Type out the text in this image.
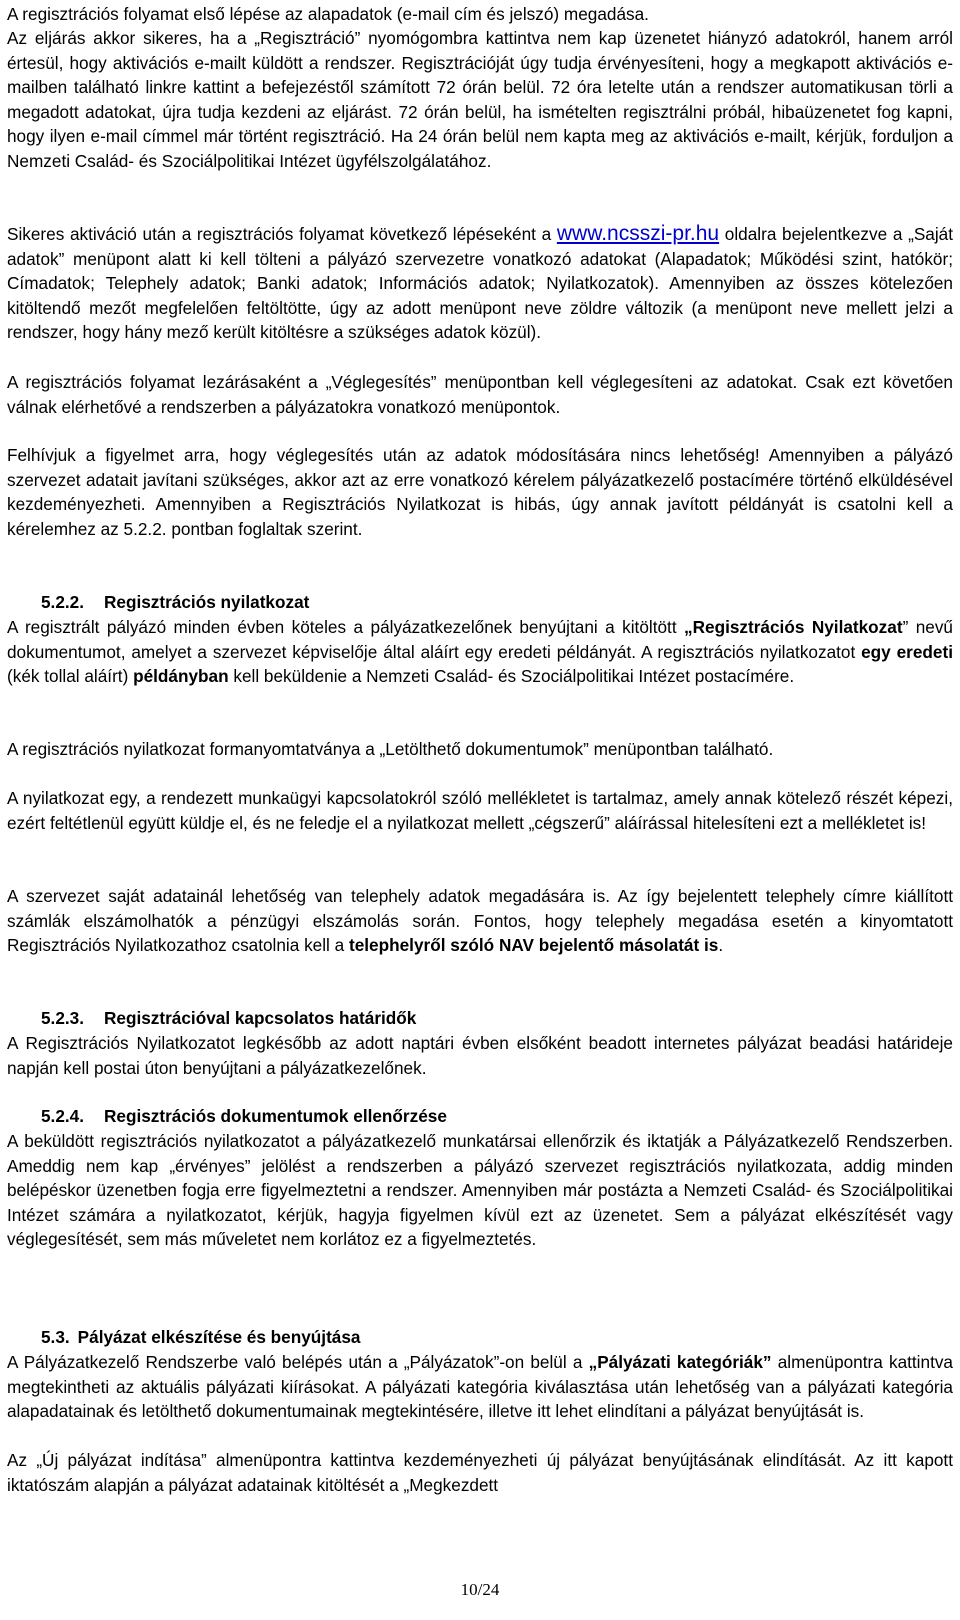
A regisztrációs folyamat első lépése az alapadatok (e-mail cím és jelszó) megadása.

Az eljárás akkor sikeres, ha a „Regisztráció” nyomógombra kattintva nem kap üzenetet hiányzó adatokról, hanem arról értesül, hogy aktivációs e-mailt küldött a rendszer. Regisztrációját úgy tudja érvényesíteni, hogy a megkapott aktivációs e-mailben található linkre kattint a befejezéstől számított 72 órán belül. 72 óra letelte után a rendszer automatikusan törli a megadott adatokat, újra tudja kezdeni az eljárást. 72 órán belül, ha ismételten regisztrálni próbál, hibaüzenetet fog kapni, hogy ilyen e-mail címmel már történt regisztráció. Ha 24 órán belül nem kapta meg az aktivációs e-mailt, kérjük, forduljon a Nemzeti Család- és Szociálpolitikai Intézet ügyfélszolgálatához.

Sikeres aktiváció után a regisztrációs folyamat következő lépéseként a www.ncsszi-pr.hu oldalra bejelentkezve a „Saját adatok” menüpont alatt ki kell tölteni a pályázó szervezetre vonatkozó adatokat (Alapadatok; Működési szint, hatókör; Címadatok; Telephely adatok; Banki adatok; Információs adatok; Nyilatkozatok). Amennyiben az összes kötelezően kitöltendő mezőt megfelelően feltöltötte, úgy az adott menüpont neve zöldre változik (a menüpont neve mellett jelzi a rendszer, hogy hány mező került kitöltésre a szükséges adatok közül).

A regisztrációs folyamat lezárásaként a „Véglegesítés” menüpontban kell véglegesíteni az adatokat. Csak ezt követően válnak elérhetővé a rendszerben a pályázatokra vonatkozó menüpontok.

Felhívjuk a figyelmet arra, hogy véglegesítés után az adatok módosítására nincs lehetőség! Amennyiben a pályázó szervezet adatait javítani szükséges, akkor azt az erre vonatkozó kérelem pályázatkezelő postacímére történő elküldésével kezdeményezheti. Amennyiben a Regisztrációs Nyilatkozat is hibás, úgy annak javított példányát is csatolni kell a kérelemhez az 5.2.2. pontban foglaltak szerint.

5.2.2. Regisztrációs nyilatkozat

A regisztrált pályázó minden évben köteles a pályázatkezelőnek benyújtani a kitöltött „Regisztrációs Nyilatkozat” nevű dokumentumot, amelyet a szervezet képviselője által aláírt egy eredeti példányát. A regisztrációs nyilatkozatot egy eredeti (kék tollal aláírt) példányban kell beküldenie a Nemzeti Család- és Szociálpolitikai Intézet postacímére.

A regisztrációs nyilatkozat formanyomtatványa a „Letölthető dokumentumok” menüpontban található.

A nyilatkozat egy, a rendezett munkaügyi kapcsolatokról szóló mellékletet is tartalmaz, amely annak kötelező részét képezi, ezért feltétlenül együtt küldje el, és ne feledje el a nyilatkozat mellett „cégszerű” aláírással hitelesíteni ezt a mellékletet is!

A szervezet saját adatainál lehetőség van telephely adatok megadására is. Az így bejelentett telephely címre kiállított számlák elszámolhatók a pénzügyi elszámolás során. Fontos, hogy telephely megadása esetén a kinyomtatott Regisztrációs Nyilatkozathoz csatolnia kell a telephelyről szóló NAV bejelentő másolatát is.

5.2.3. Regisztrációval kapcsolatos határidők

A Regisztrációs Nyilatkozatot legkésőbb az adott naptári évben elsőként beadott internetes pályázat beadási határideje napján kell postai úton benyújtani a pályázatkezelőnek.

5.2.4. Regisztrációs dokumentumok ellenőrzése

A beküldött regisztrációs nyilatkozatot a pályázatkezelő munkatársai ellenőrzik és iktatják a Pályázatkezelő Rendszerben. Ameddig nem kap „érvényes” jelölést a rendszerben a pályázó szervezet regisztrációs nyilatkozata, addig minden belépéskor üzenetben fogja erre figyelmeztetni a rendszer. Amennyiben már postázta a Nemzeti Család- és Szociálpolitikai Intézet számára a nyilatkozatot, kérjük, hagyja figyelmen kívül ezt az üzenetet. Sem a pályázat elkészítését vagy véglegesítését, sem más műveletet nem korlátoz ez a figyelmeztetés.

5.3. Pályázat elkészítése és benyújtása

A Pályázatkezelő Rendszerbe való belépés után a „Pályázatok”-on belül a „Pályázati kategóriák” almenüpontra kattintva megtekintheti az aktuális pályázati kiírásokat. A pályázati kategória kiválasztása után lehetőség van a pályázati kategória alapadatainak és letölthető dokumentumainak megtekintésére, illetve itt lehet elindítani a pályázat benyújtását is.

Az „Új pályázat indítása” almenüpontra kattintva kezdeményezheti új pályázat benyújtásának elindítását. Az itt kapott iktatószám alapján a pályázat adatainak kitöltését a „Megkezdett

10/24
